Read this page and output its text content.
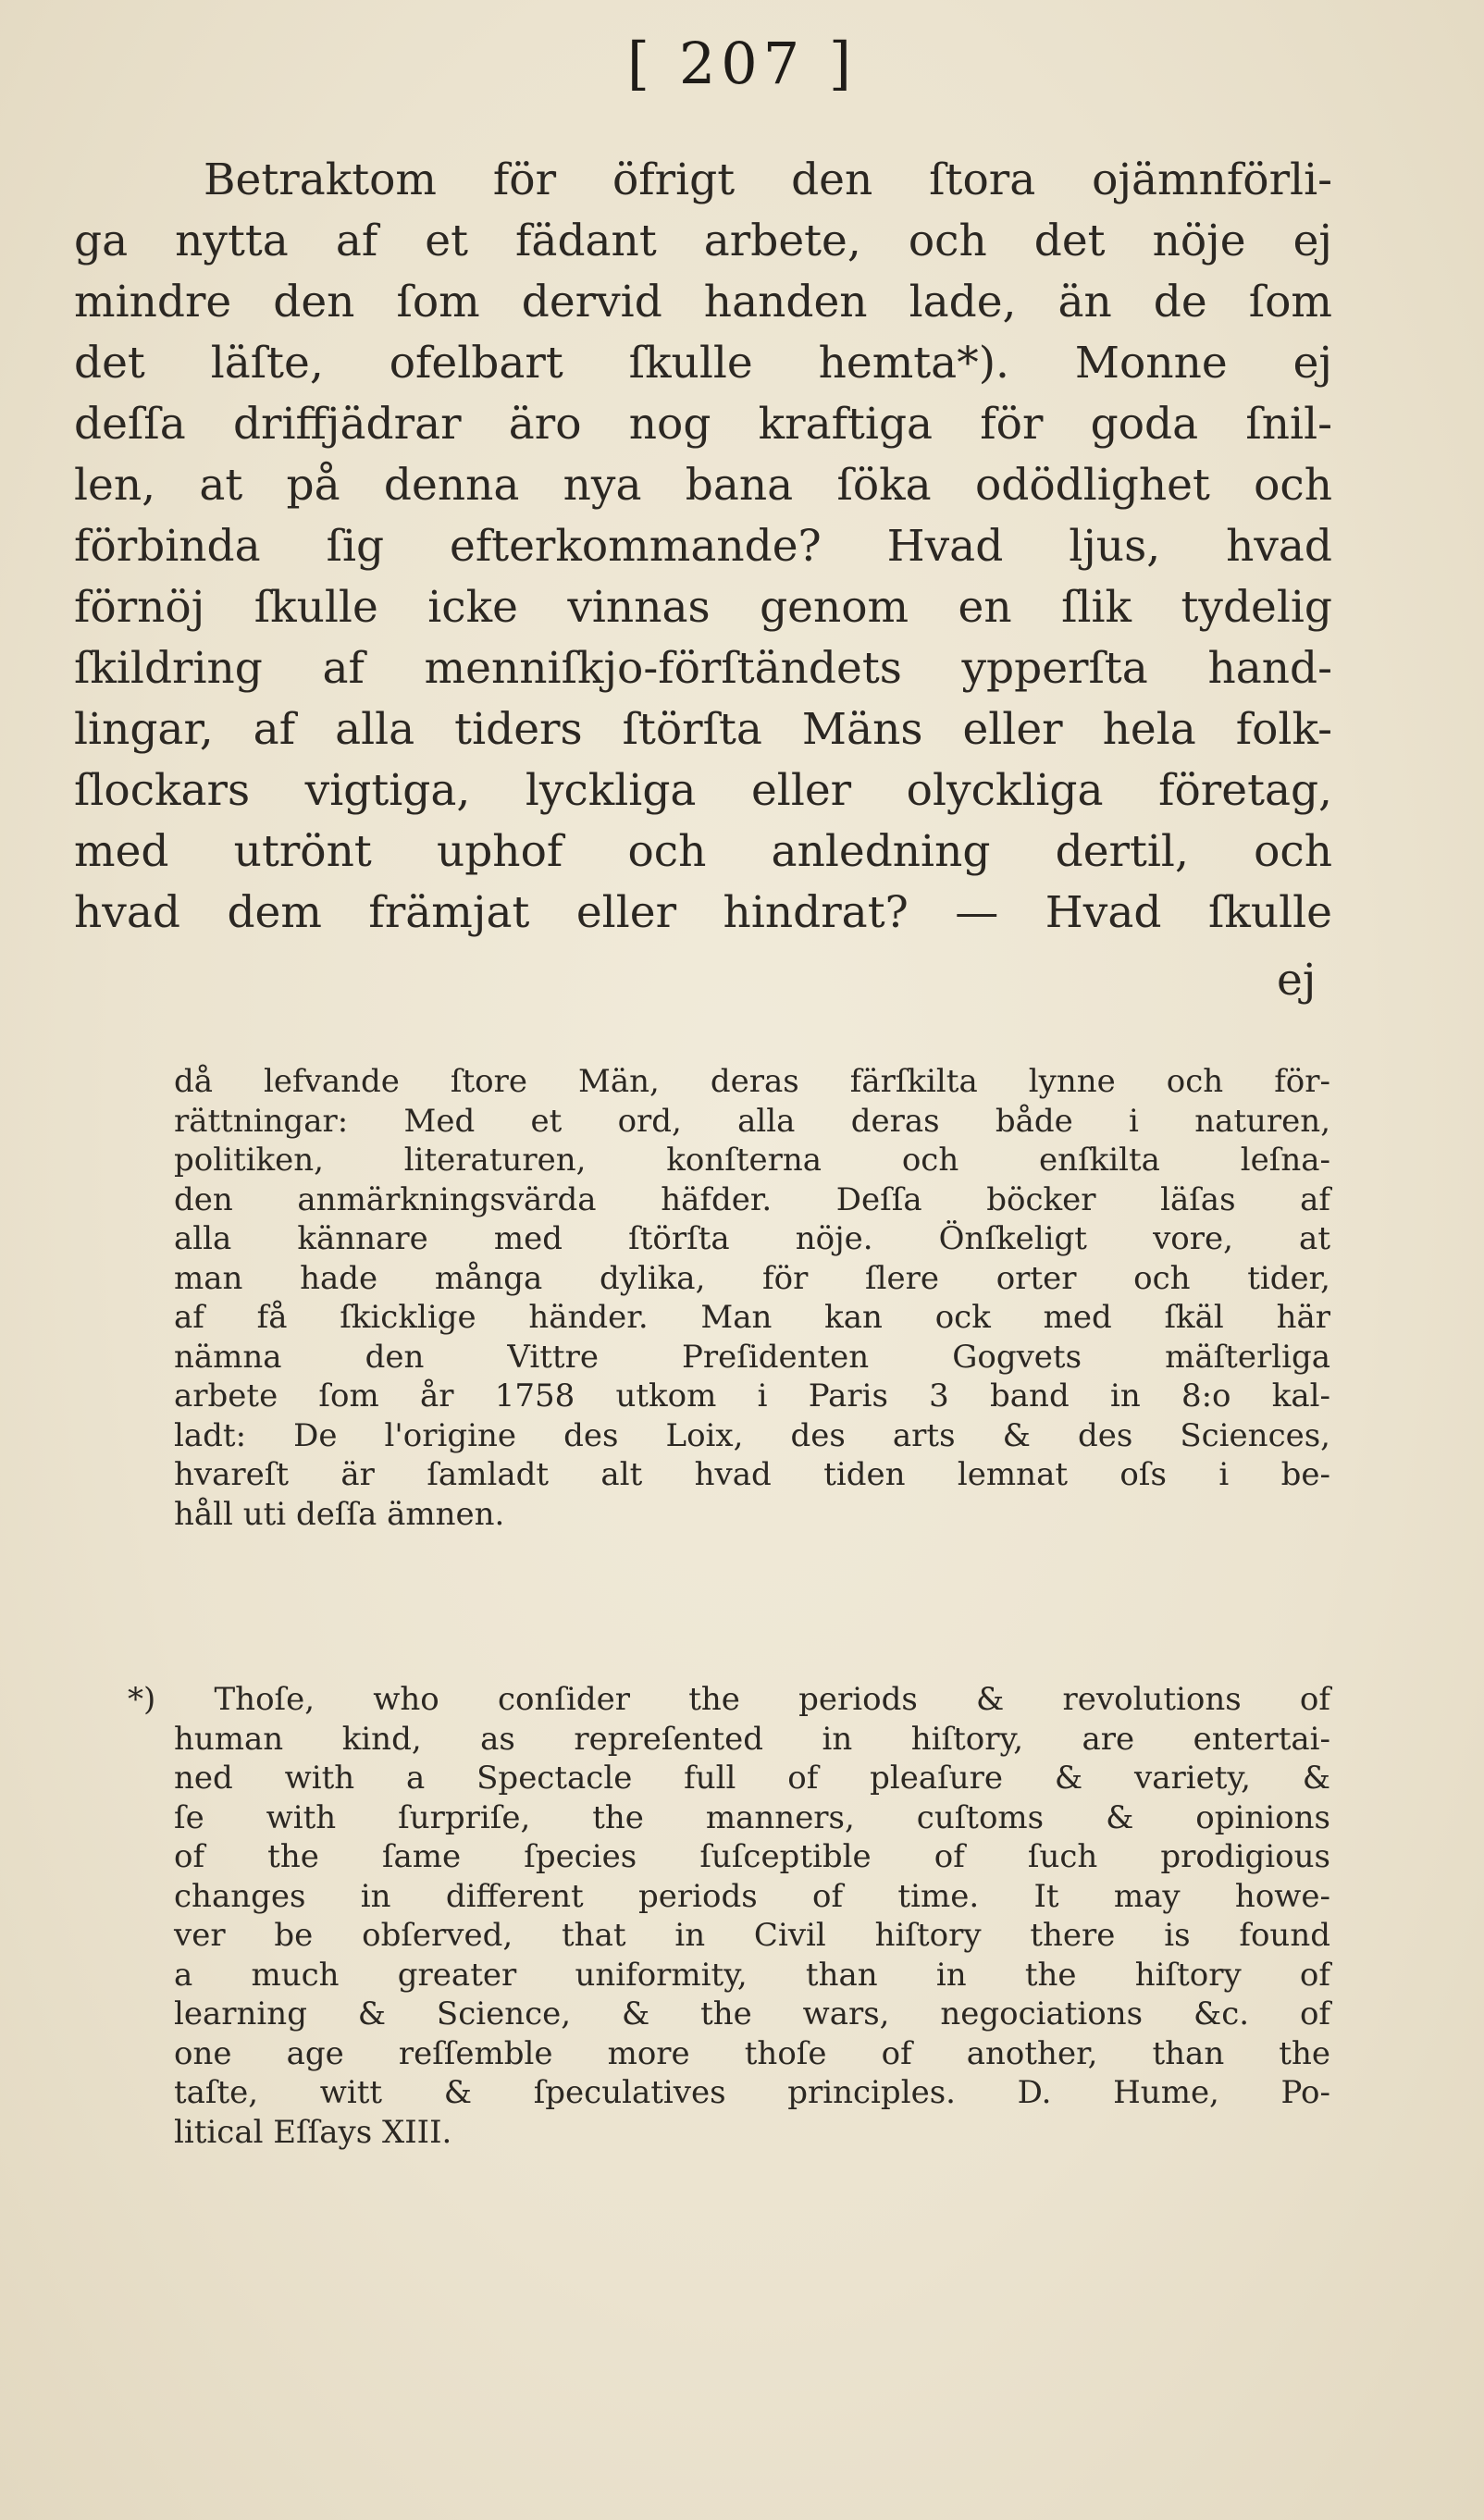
[ 207 ]
Betraktom för öfrigt den ſtora ojämnförli-
ga nytta af et fädant arbete, och det nöje ej
mindre den ſom dervid handen lade, än de ſom
det läſte, ofelbart ſkulle hemta*). Monne ej
deſſa driffjädrar äro nog kraftiga för goda ſnil-
len, at på denna nya bana ſöka odödlighet och
förbinda ſig efterkommande? Hvad ljus, hvad
förnöj ſkulle icke vinnas genom en ſlik tydelig
ſkildring af menniſkjo-förſtändets ypperſta hand-
lingar, af alla tiders ſtörſta Mäns eller hela folk-
ſlockars vigtiga, lyckliga eller olyckliga företag,
med utrönt uphof och anledning dertil, och
hvad dem främjat eller hindrat? — Hvad ſkulle
ej
då lefvande ſtore Män, deras färſkilta lynne och för-
rättningar: Med et ord, alla deras både i naturen,
politiken, literaturen, konſterna och enſkilta leſna-
den anmärkningsvärda häfder. Deſſa böcker läſas af
alla kännare med ſtörſta nöje. Önſkeligt vore, at
man hade många dylika, för ſlere orter och tider,
af få ſkicklige händer. Man kan ock med ſkäl här
nämna den Vittre Preſidenten Gogvets mäſterliga
arbete ſom år 1758 utkom i Paris 3 band in 8:o kal-
ladt: De l'origine des Loix, des arts & des Sciences,
hvareſt är ſamladt alt hvad tiden lemnat oſs i be-
håll uti deſſa ämnen.
*) Thoſe, who conſider the periods & revolutions of
human kind, as repreſented in hiſtory, are entertai-
ned with a Spectacle full of pleaſure & variety, &
ſe with ſurpriſe, the manners, cuſtoms & opinions
of the ſame ſpecies ſuſceptible of ſuch prodigious
changes in different periods of time. It may howe-
ver be obſerved, that in Civil hiſtory there is found
a much greater uniformity, than in the hiſtory of
learning & Science, & the wars, negociations &c. of
one age reſſemble more thoſe of another, than the
taſte, witt & ſpeculatives principles. D. Hume, Po-
litical Eſſays XIII.
